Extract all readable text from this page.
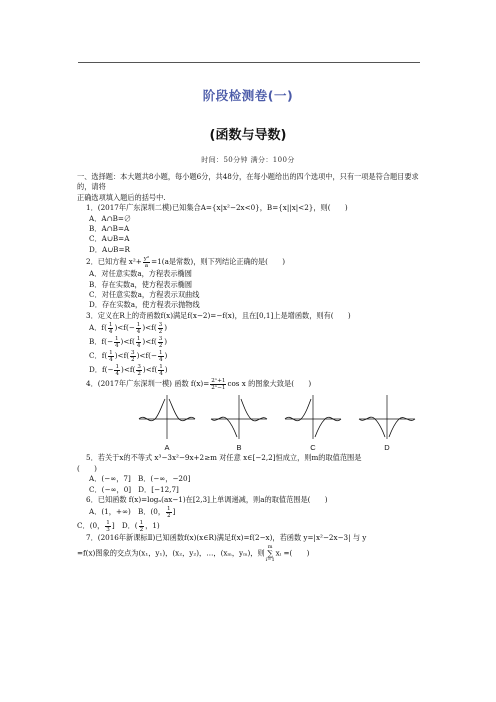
阶段检测卷(一)
(函数与导数)
时间：50分钟 满分：100分

一、选择题：本大题共8小题，每小题6分，共48分，在每小题给出的四个选项中，只有一项是符合题目要求的，请将

正确选项填入题后的括号中.

1．(2017年广东深圳二模)已知集合A={x|x²−2x<0}，B={x||x|<2}，则(　　)

A．A∩B=∅

B．A∩B=A

C．A∪B=A

D．A∪B=R

2．已知方程 $x^2+ \frac{\text{y²}}{a} =1(a$是常数)，则下列结论正确的是(　　)

A．对任意实数a，方程表示椭圆

B．存在实数a，使方程表示椭圆

C．对任意实数a，方程表示双曲线

D．存在实数a，使方程表示抛物线

3．定义在R上的奇函数f(x)满足f(x−2)=−f(x)，且在[0,1]上是增函数，则有(　　)

A．$f( \frac{1}{4} )<f(- \frac{1}{4} )<f( \frac{3}{2}$ )

B．$f(- \frac{1}{4} )<f( \frac{1}{4} )<f( \frac{3}{2}$ )

C．$f( \frac{1}{4} )<f( \frac{3}{2} )<f(- \frac{1}{4}$ )

D．$f(- \frac{1}{4} )<f( \frac{3}{2} )<f( \frac{1}{4}$ )

4．(2017年广东深圳一模) 函数 $f(x)= \frac{\text{2ˣ+1}}{\text{2ˣ−1}}$ cos x 的图象大致是(　　)

A	B	C	D

5．若关于x的不等式 x³−3x²−9x+2≥m 对任意 x∈[−2,2]恒成立，则m的取值范围是

(　　)

A．(−∞，7]　B．(−∞，−20]

C．(−∞，0]　D．[−12,7]

6．已知函数 f(x)=logₐ(ax−1)在[2,3]上单调递减，则a的取值范围是(　　)

A．(1，+∞)　 B．(0， $\frac{1}{2}$ ]

C．(0， $\frac{1}{3}$ ]　D．( $\frac{1}{2}$ ，1)

7．(2016年新课标Ⅱ)已知函数f(x)(x∈R)满足f(x)=f(2−x)，若函数 y=|x²−2x−3| 与 y

=f(x)图象的交点为(x₁，y₁)，(x₂，y₂)，…，(xₘ，yₘ)，则
m
∑
i=1
xᵢ =(　　)
